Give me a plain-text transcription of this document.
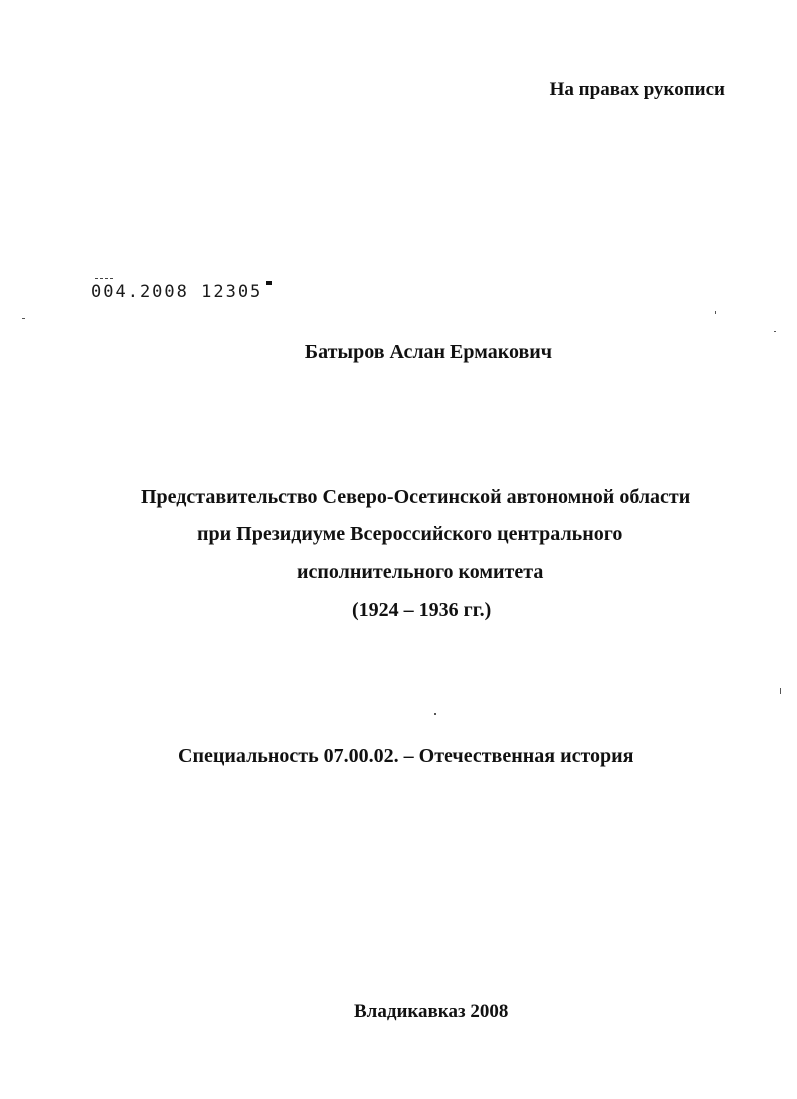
На правах рукописи
004.2008 12305
Батыров Аслан Ермакович
Представительство Северо-Осетинской автономной области
при Президиуме Всероссийского центрального
исполнительного комитета
(1924 – 1936 гг.)
Специальность 07.00.02. – Отечественная история
Владикавказ 2008
